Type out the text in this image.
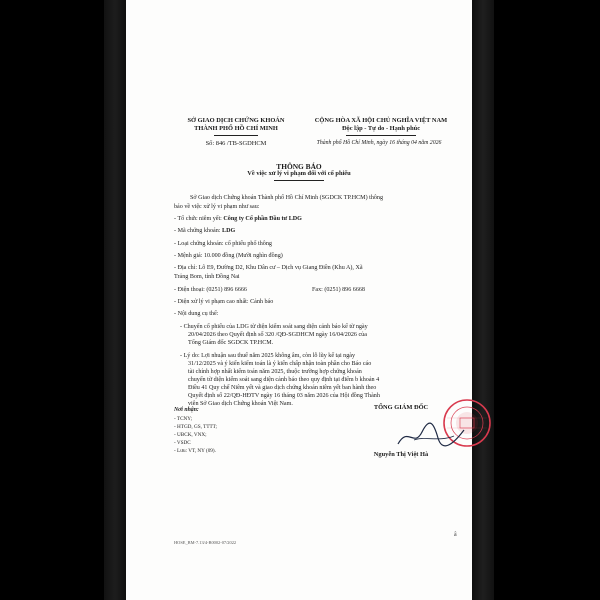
SỞ GIAO DỊCH CHỨNG KHOÁN
THÀNH PHỐ HỒ CHÍ MINH
Số: 846 /TB-SGDHCM
CỘNG HÒA XÃ HỘI CHỦ NGHĨA VIỆT NAM
Độc lập - Tự do - Hạnh phúc
Thành phố Hồ Chí Minh, ngày 16 tháng 04 năm 2026
THÔNG BÁO
Về việc xử lý vi phạm đối với cổ phiếu
Sở Giao dịch Chứng khoán Thành phố Hồ Chí Minh (SGDCK TP.HCM) thông
báo về việc xử lý vi phạm như sau:
- Tổ chức niêm yết: Công ty Cổ phần Đầu tư LDG
- Mã chứng khoán: LDG
- Loại chứng khoán: cổ phiếu phổ thông
- Mệnh giá: 10.000 đồng (Mười nghìn đồng)
- Địa chỉ: Lô E9, Đường D2, Khu Dân cư – Dịch vụ Giang Điền (Khu A), Xã
Trảng Bom, tỉnh Đồng Nai
- Điện thoại: (0251) 896 6666	Fax: (0251) 896 6668
- Diện xử lý vi phạm cao nhất: Cảnh báo
- Nội dung cụ thể:
- Chuyển cổ phiếu của LDG từ diện kiểm soát sang diện cảnh báo kể từ ngày
20/04/2026 theo Quyết định số 320 /QĐ-SGDHCM ngày 16/04/2026 của
Tổng Giám đốc SGDCK TP.HCM.
- Lý do: Lợi nhuận sau thuế năm 2025 không âm, còn lỗ lũy kế tại ngày
31/12/2025 và ý kiến kiểm toán là ý kiến chấp nhận toàn phần cho Báo cáo
tài chính hợp nhất kiểm toán năm 2025, thuộc trường hợp chứng khoán
chuyển từ diện kiểm soát sang diện cảnh báo theo quy định tại điểm b khoản 4
Điều 41 Quy chế Niêm yết và giao dịch chứng khoán niêm yết ban hành theo
Quyết định số 22/QĐ-HĐTV ngày 16 tháng 03 năm 2026 của Hội đồng Thành
viên Sở Giao dịch Chứng khoán Việt Nam.
Nơi nhận:
- TCNY;
- HTGD, GS, TTTT;
- UBCK, VNX;
- VSDC
- Lưu: VT, NY (09).
TỔNG GIÁM ĐỐC
Nguyễn Thị Việt Hà
HOSE_BM-7.13/4-B0002-07/2022
ȃ
